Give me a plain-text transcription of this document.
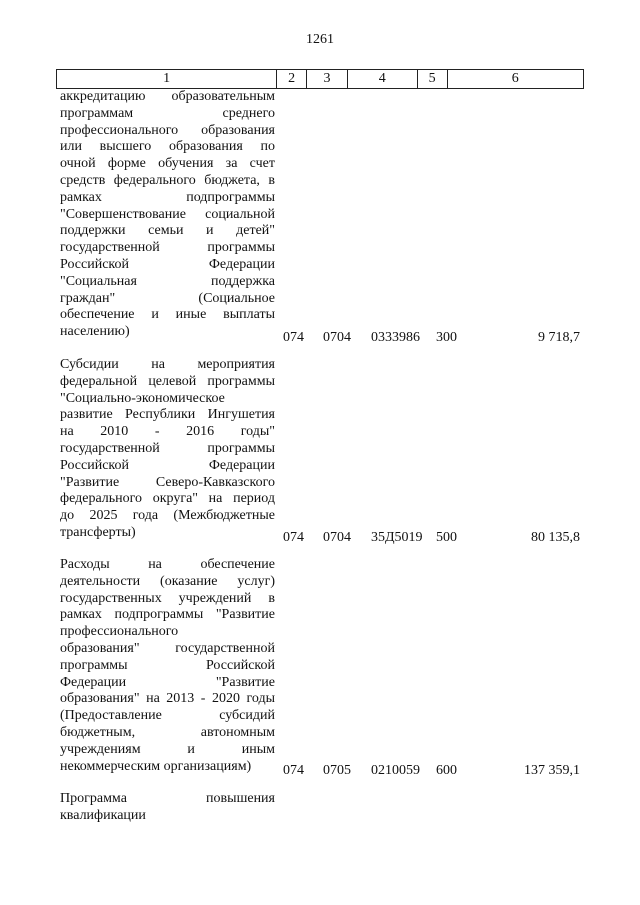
1261
1	2	3	4	5	6
аккредитацию образовательным
программам среднего
профессионального образования
или высшего образования по
очной форме обучения за счет
средств федерального бюджета, в
рамках подпрограммы
"Совершенствование социальной
поддержки семьи и детей"
государственной программы
Российской Федерации
"Социальная поддержка
граждан" (Социальное
обеспечение и иные выплаты
населению)	074 0704 0333986 300	9 718,7
Субсидии на мероприятия
федеральной целевой программы
"Социально-экономическое
развитие Республики Ингушетия
на 2010 - 2016 годы"
государственной программы
Российской Федерации
"Развитие Северо-Кавказского
федерального округа" на период
до 2025 года (Межбюджетные
трансферты)	074 0704 35Д5019 500	80 135,8
Расходы на обеспечение
деятельности (оказание услуг)
государственных учреждений в
рамках подпрограммы "Развитие
профессионального
образования" государственной
программы Российской
Федерации "Развитие
образования" на 2013 - 2020 годы
(Предоставление субсидий
бюджетным, автономным
учреждениям и иным
некоммерческим организациям)	074 0705 0210059 600	137 359,1
Программа повышения
квалификации
